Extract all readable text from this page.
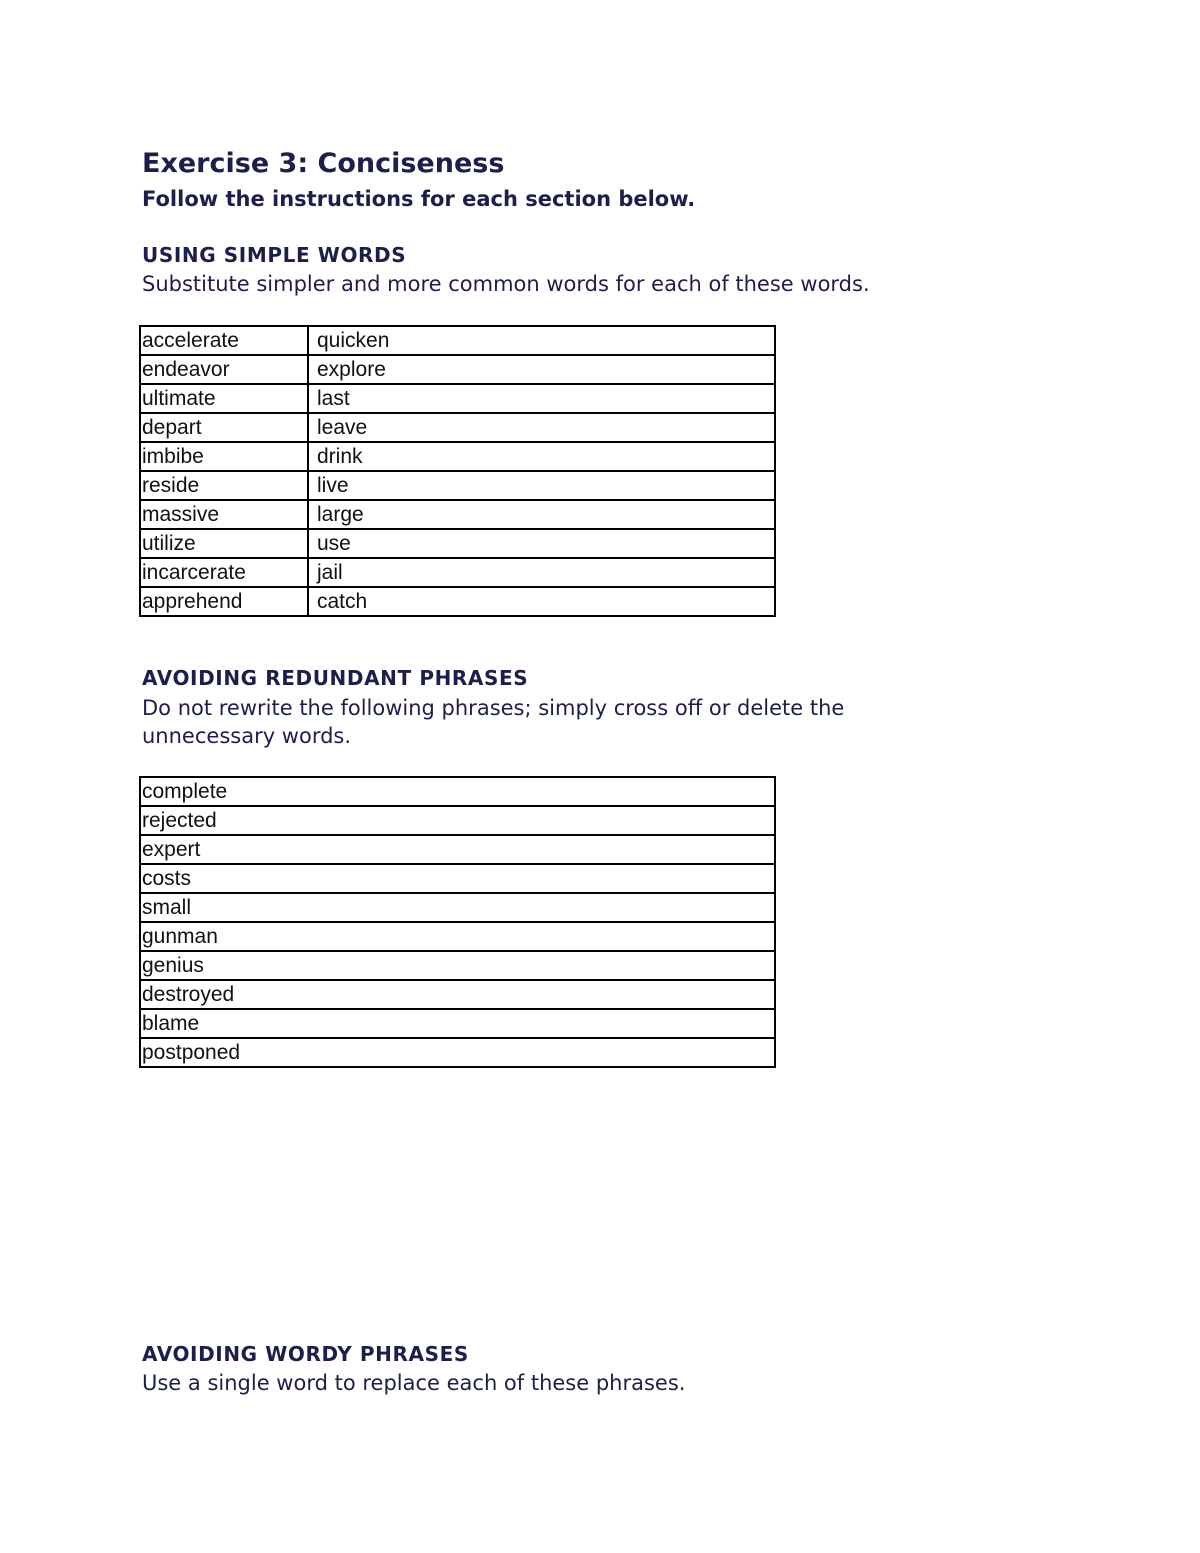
Exercise 3: Conciseness

Follow the instructions for each section below.

USING SIMPLE WORDS

Substitute simpler and more common words for each of these words.

accelerate	quicken
endeavor	explore
ultimate	last
depart	leave
imbibe	drink
reside	live
massive	large
utilize	use
incarcerate	jail
apprehend	catch
AVOIDING REDUNDANT PHRASES

Do not rewrite the following phrases; simply cross off or delete the unnecessary words.

complete
rejected
expert
costs
small
gunman
genius
destroyed
blame
postponed
AVOIDING WORDY PHRASES

Use a single word to replace each of these phrases.
